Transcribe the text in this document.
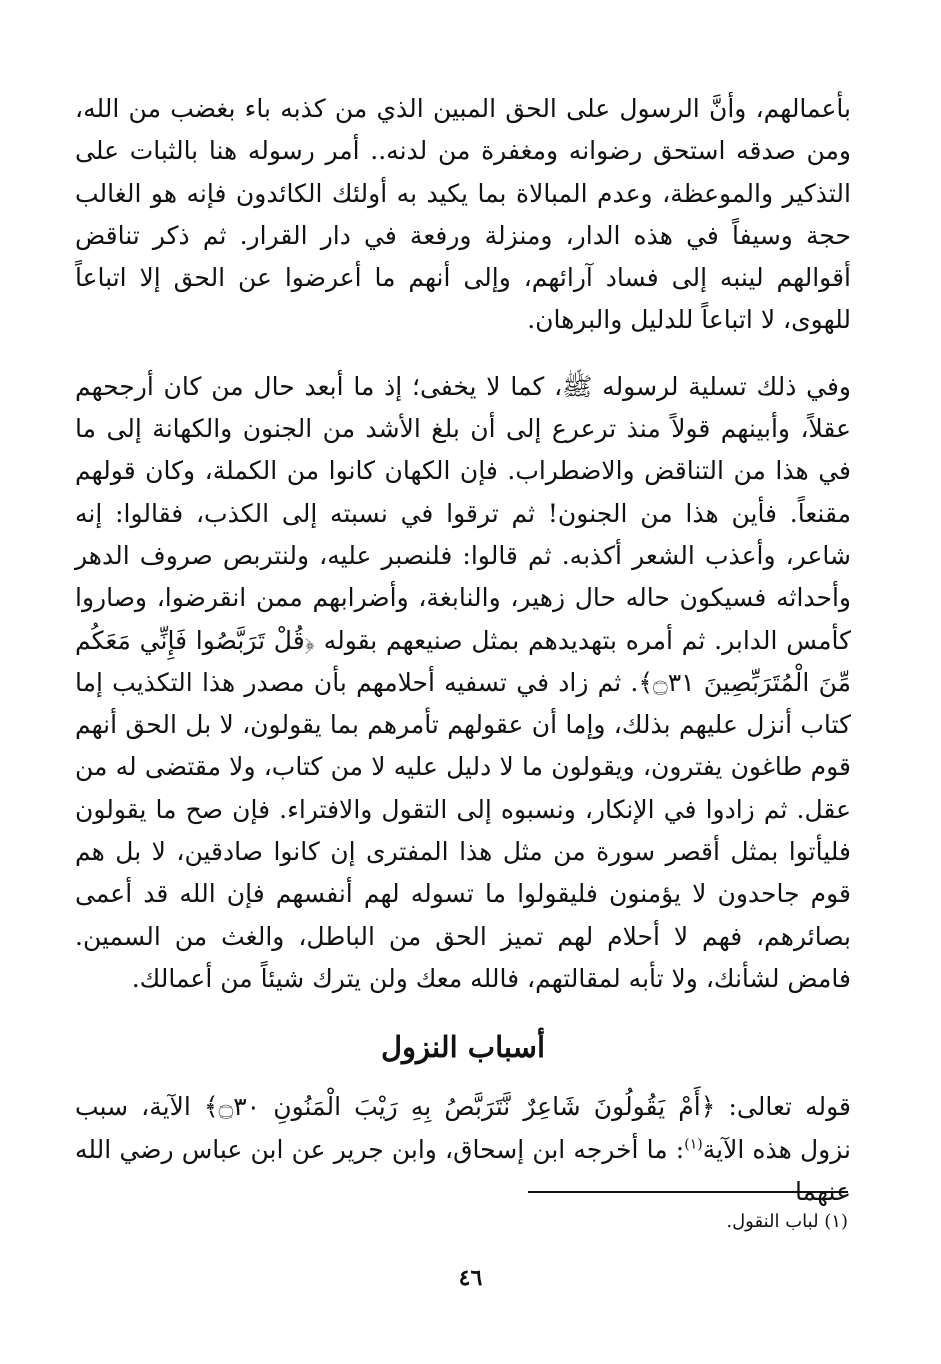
بأعمالهم، وأنَّ الرسول على الحق المبين الذي من كذبه باء بغضب من الله، ومن صدقه استحق رضوانه ومغفرة من لدنه.. أمر رسوله هنا بالثبات على التذكير والموعظة، وعدم المبالاة بما يكيد به أولئك الكائدون فإنه هو الغالب حجة وسيفاً في هذه الدار، ومنزلة ورفعة في دار القرار. ثم ذكر تناقض أقوالهم لينبه إلى فساد آرائهم، وإلى أنهم ما أعرضوا عن الحق إلا اتباعاً للهوى، لا اتباعاً للدليل والبرهان.

وفي ذلك تسلية لرسوله ﷺ، كما لا يخفى؛ إذ ما أبعد حال من كان أرجحهم عقلاً، وأبينهم قولاً منذ ترعرع إلى أن بلغ الأشد من الجنون والكهانة إلى ما في هذا من التناقض والاضطراب. فإن الكهان كانوا من الكملة، وكان قولهم مقنعاً. فأين هذا من الجنون! ثم ترقوا في نسبته إلى الكذب، فقالوا: إنه شاعر، وأعذب الشعر أكذبه. ثم قالوا: فلنصبر عليه، ولنتربص صروف الدهر وأحداثه فسيكون حاله حال زهير، والنابغة، وأضرابهم ممن انقرضوا، وصاروا كأمس الدابر. ثم أمره بتهديدهم بمثل صنيعهم بقوله ﴿قُلْ تَرَبَّصُوا فَإِنِّي مَعَكُم مِّنَ الْمُتَرَبِّصِينَ ۝٣١﴾. ثم زاد في تسفيه أحلامهم بأن مصدر هذا التكذيب إما كتاب أنزل عليهم بذلك، وإما أن عقولهم تأمرهم بما يقولون، لا بل الحق أنهم قوم طاغون يفترون، ويقولون ما لا دليل عليه لا من كتاب، ولا مقتضى له من عقل. ثم زادوا في الإنكار، ونسبوه إلى التقول والافتراء. فإن صح ما يقولون فليأتوا بمثل أقصر سورة من مثل هذا المفترى إن كانوا صادقين، لا بل هم قوم جاحدون لا يؤمنون فليقولوا ما تسوله لهم أنفسهم فإن الله قد أعمى بصائرهم، فهم لا أحلام لهم تميز الحق من الباطل، والغث من السمين. فامض لشأنك، ولا تأبه لمقالتهم، فالله معك ولن يترك شيئاً من أعمالك.

أسباب النزول

قوله تعالى: ﴿أَمْ يَقُولُونَ شَاعِرٌ نَّتَرَبَّصُ بِهِ رَيْبَ الْمَنُونِ ۝٣٠﴾ الآية، سبب نزول هذه الآية$^{(١)}$: ما أخرجه ابن إسحاق، وابن جرير عن ابن عباس رضي الله عنهما

(١) لباب النقول.
٤٦
